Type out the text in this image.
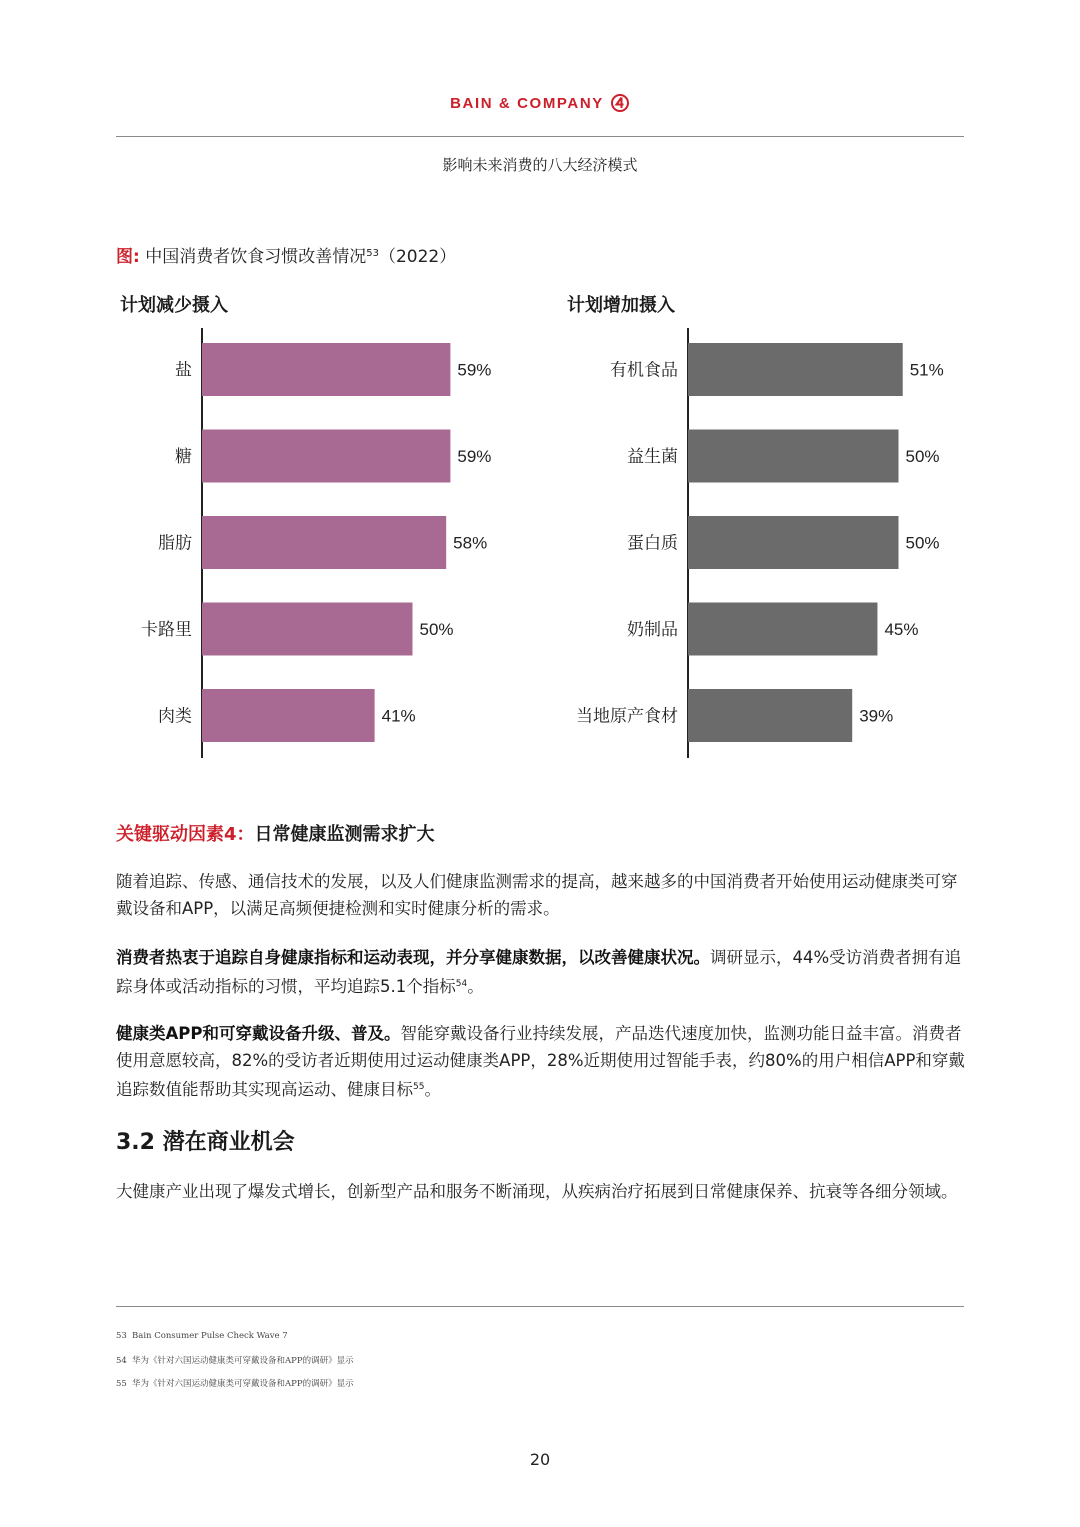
BAIN & COMPANY
影响未来消费的八大经济模式
图: 中国消费者饮食习惯改善情况$^{53}$（2022）
计划减少摄入	计划增加摄入
盐	59%
糖	59%
脂肪	58%
卡路里	50%
肉类	41%
有机食品	51%
益生菌	50%
蛋白质	50%
奶制品	45%
当地原产食材	39%
关键驱动因素4：日常健康监测需求扩大
随着追踪、传感、通信技术的发展，以及人们健康监测需求的提高，越来越多的中国消费者开始使用运动健康类可穿戴设备和APP，以满足高频便捷检测和实时健康分析的需求。
消费者热衷于追踪自身健康指标和运动表现，并分享健康数据，以改善健康状况。调研显示，44%受访消费者拥有追踪身体或活动指标的习惯，平均追踪5.1个指标$^{54}$。
健康类APP和可穿戴设备升级、普及。智能穿戴设备行业持续发展，产品迭代速度加快，监测功能日益丰富。消费者使用意愿较高，82%的受访者近期使用过运动健康类APP，28%近期使用过智能手表，约80%的用户相信APP和穿戴追踪数值能帮助其实现高运动、健康目标$^{55}$。
3.2 潜在商业机会
大健康产业出现了爆发式增长，创新型产品和服务不断涌现，从疾病治疗拓展到日常健康保养、抗衰等各细分领域。
53 Bain Consumer Pulse Check Wave 7
54 华为《针对六国运动健康类可穿戴设备和APP的调研》显示
55 华为《针对六国运动健康类可穿戴设备和APP的调研》显示
20
